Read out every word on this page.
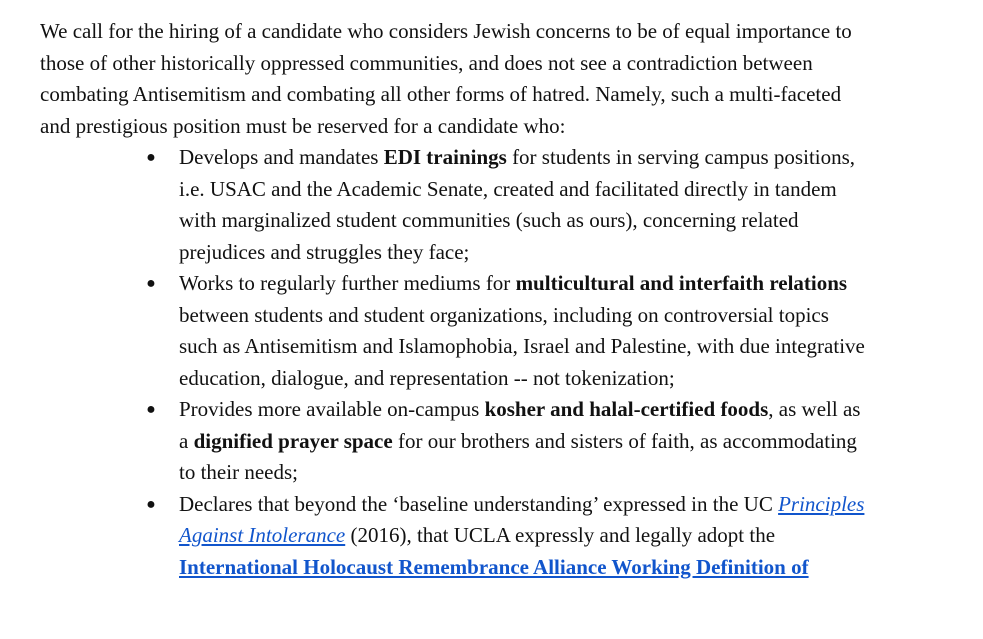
We call for the hiring of a candidate who considers Jewish concerns to be of equal importance to
those of other historically oppressed communities, and does not see a contradiction between
combating Antisemitism and combating all other forms of hatred. Namely, such a multi-faceted
and prestigious position must be reserved for a candidate who:

● Develops and mandates EDI trainings for students in serving campus positions,
i.e. USAC and the Academic Senate, created and facilitated directly in tandem
with marginalized student communities (such as ours), concerning related
prejudices and struggles they face;
● Works to regularly further mediums for multicultural and interfaith relations
between students and student organizations, including on controversial topics
such as Antisemitism and Islamophobia, Israel and Palestine, with due integrative
education, dialogue, and representation -- not tokenization;
● Provides more available on-campus kosher and halal-certified foods, as well as
a dignified prayer space for our brothers and sisters of faith, as accommodating
to their needs;
● Declares that beyond the ‘baseline understanding’ expressed in the UC Principles
Against Intolerance (2016), that UCLA expressly and legally adopt the
International Holocaust Remembrance Alliance Working Definition of
